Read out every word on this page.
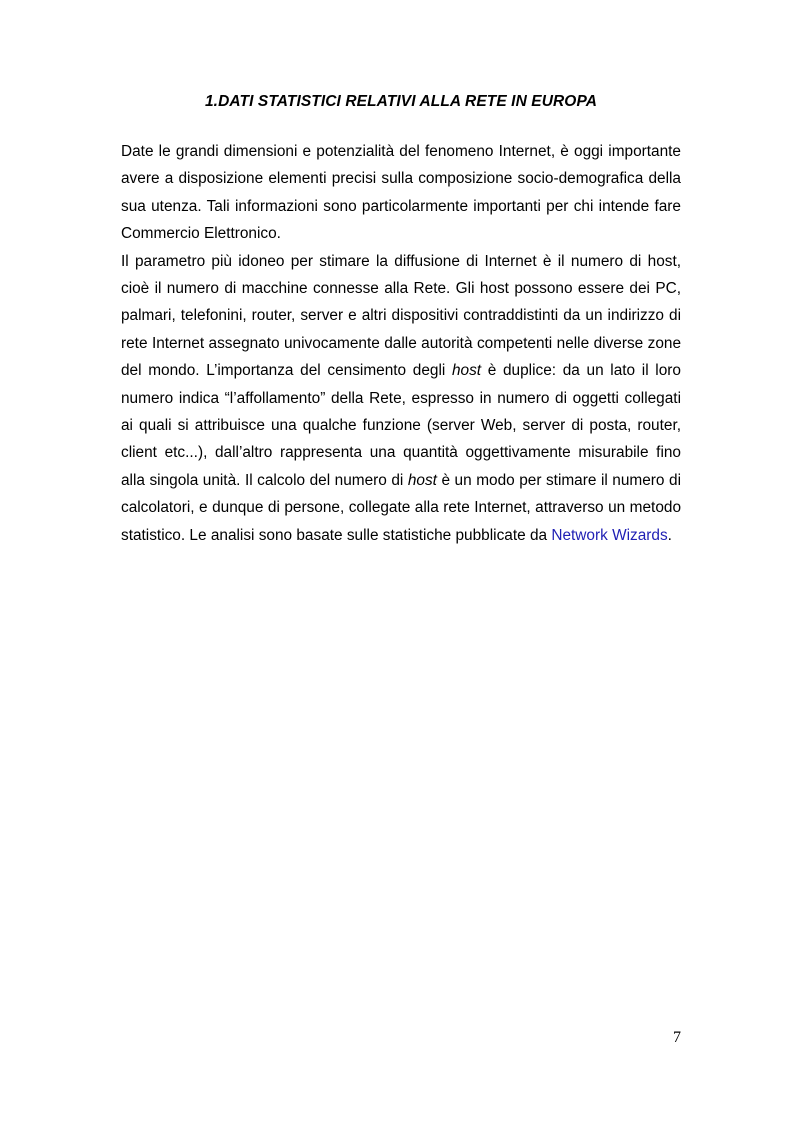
1.DATI STATISTICI RELATIVI ALLA RETE IN EUROPA

Date le grandi dimensioni e potenzialità del fenomeno Internet, è oggi importante avere a disposizione elementi precisi sulla composizione socio-demografica della sua utenza. Tali informazioni sono particolarmente importanti per chi intende fare Commercio Elettronico.

Il parametro più idoneo per stimare la diffusione di Internet è il numero di host, cioè il numero di macchine connesse alla Rete. Gli host possono essere dei PC, palmari, telefonini, router, server e altri dispositivi contraddistinti da un indirizzo di rete Internet assegnato univocamente dalle autorità competenti nelle diverse zone del mondo. L’importanza del censimento degli host è duplice: da un lato il loro numero indica “l’affollamento” della Rete, espresso in numero di oggetti collegati ai quali si attribuisce una qualche funzione (server Web, server di posta, router, client etc...), dall’altro rappresenta una quantità oggettivamente misurabile fino alla singola unità. Il calcolo del numero di host è un modo per stimare il numero di calcolatori, e dunque di persone, collegate alla rete Internet, attraverso un metodo statistico. Le analisi sono basate sulle statistiche pubblicate da Network Wizards.

7
